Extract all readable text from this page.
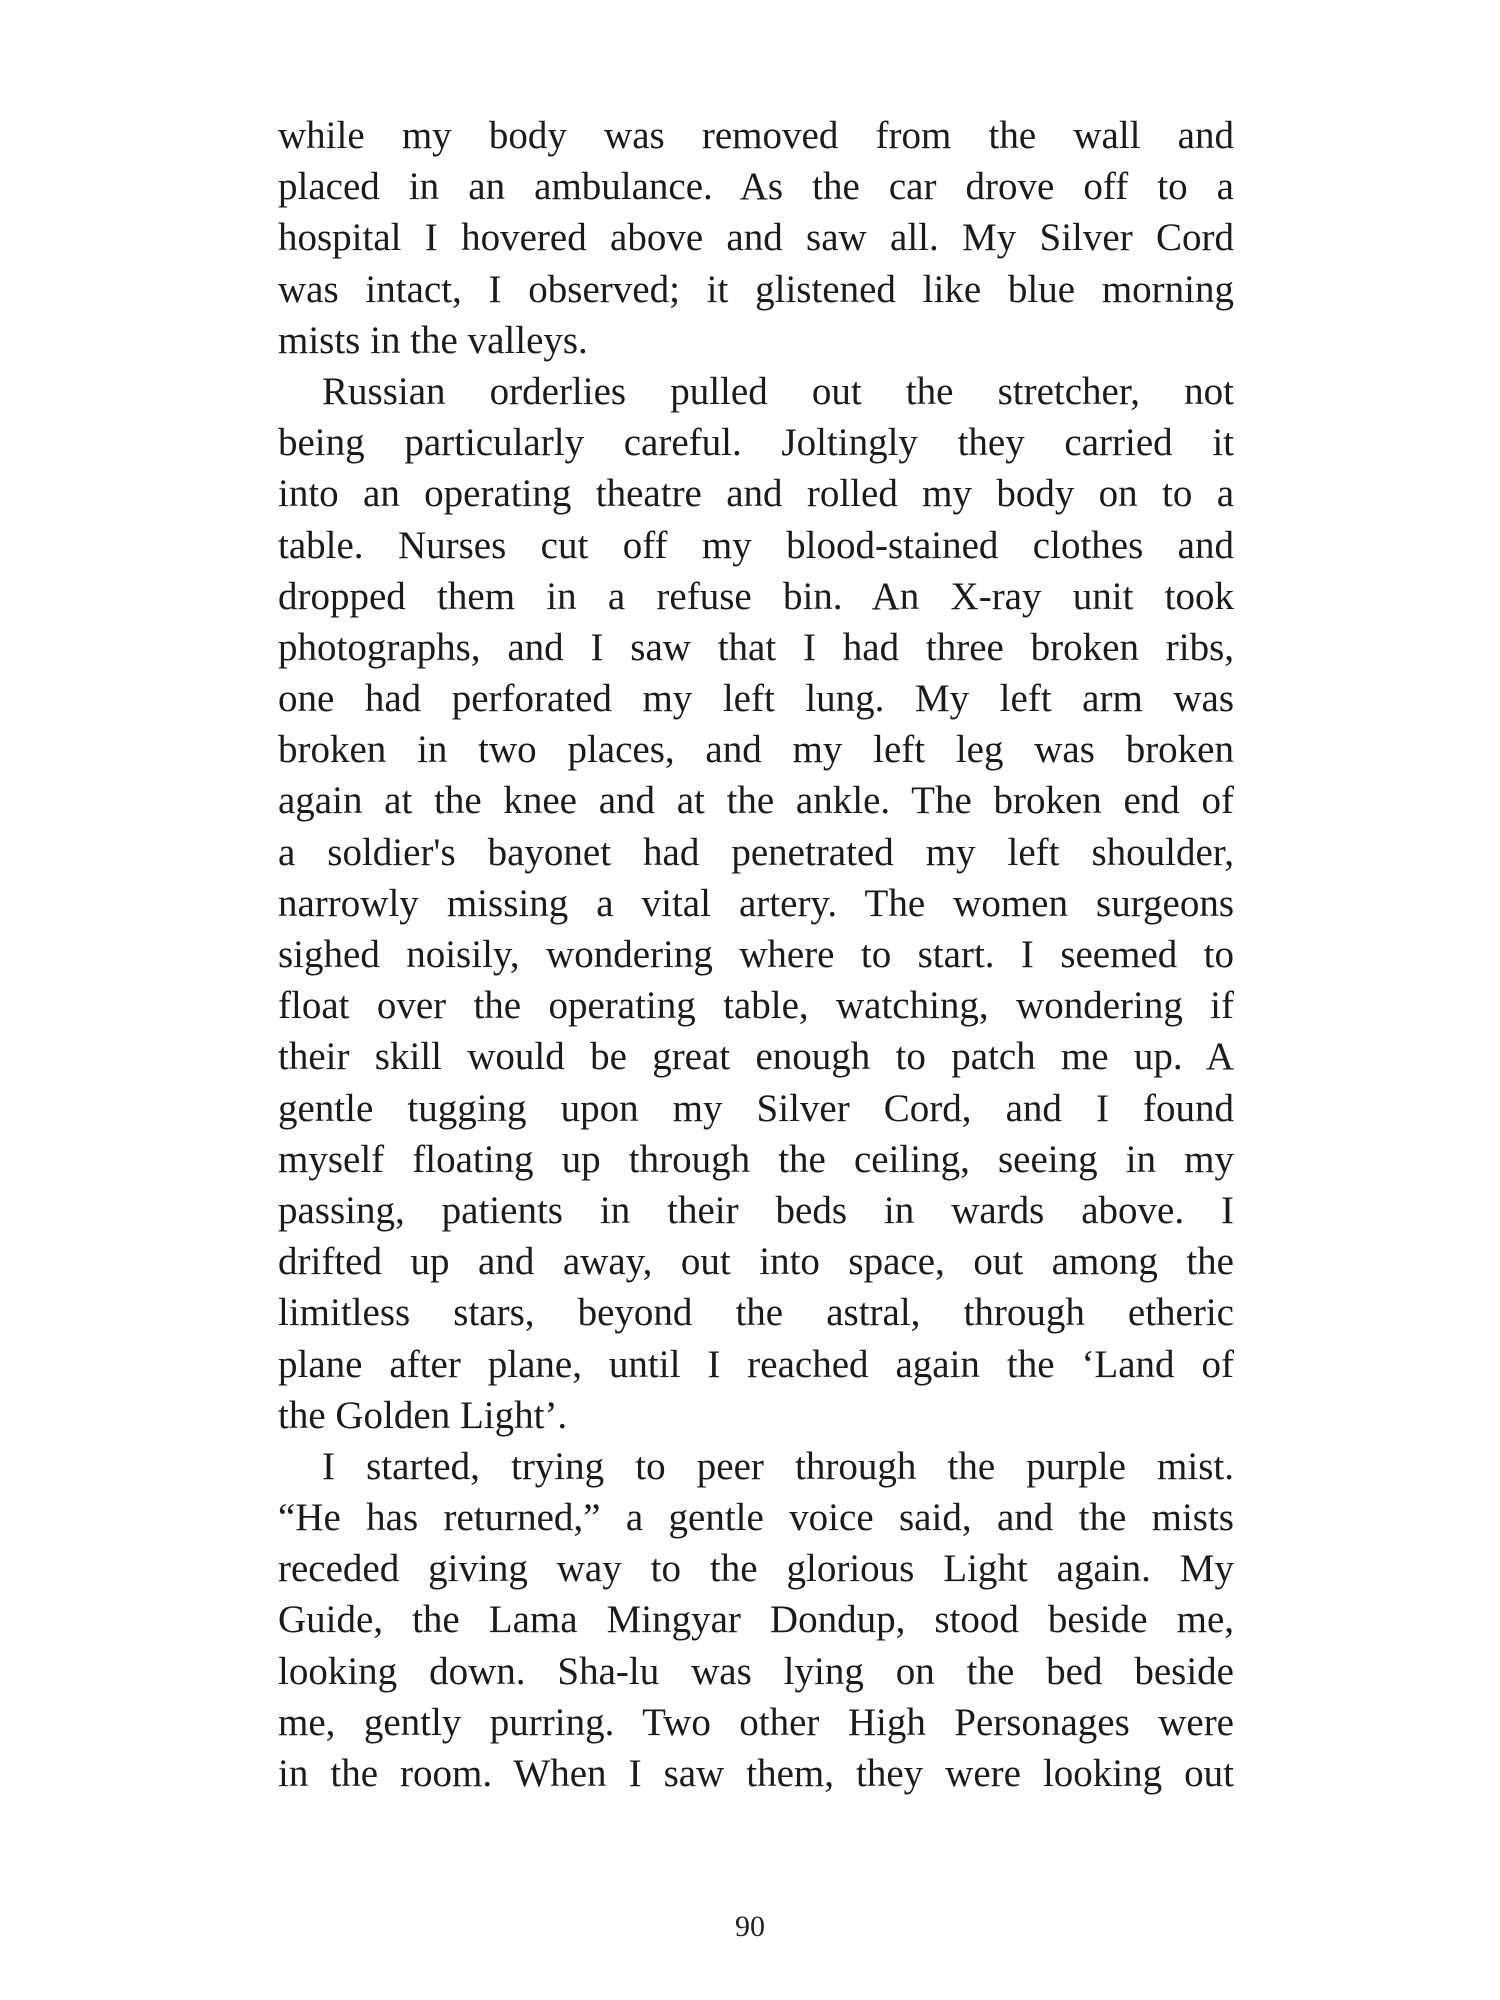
while my body was removed from the wall and
placed in an ambulance. As the car drove off to a
hospital I hovered above and saw all. My Silver Cord
was intact, I observed; it glistened like blue morning
mists in the valleys.
Russian orderlies pulled out the stretcher, not
being particularly careful. Joltingly they carried it
into an operating theatre and rolled my body on to a
table. Nurses cut off my blood-stained clothes and
dropped them in a refuse bin. An X-ray unit took
photographs, and I saw that I had three broken ribs,
one had perforated my left lung. My left arm was
broken in two places, and my left leg was broken
again at the knee and at the ankle. The broken end of
a soldier's bayonet had penetrated my left shoulder,
narrowly missing a vital artery. The women surgeons
sighed noisily, wondering where to start. I seemed to
float over the operating table, watching, wondering if
their skill would be great enough to patch me up. A
gentle tugging upon my Silver Cord, and I found
myself floating up through the ceiling, seeing in my
passing, patients in their beds in wards above. I
drifted up and away, out into space, out among the
limitless stars, beyond the astral, through etheric
plane after plane, until I reached again the ‘Land of
the Golden Light’.
I started, trying to peer through the purple mist.
“He has returned,” a gentle voice said, and the mists
receded giving way to the glorious Light again. My
Guide, the Lama Mingyar Dondup, stood beside me,
looking down. Sha-lu was lying on the bed beside
me, gently purring. Two other High Personages were
in the room. When I saw them, they were looking out
90
